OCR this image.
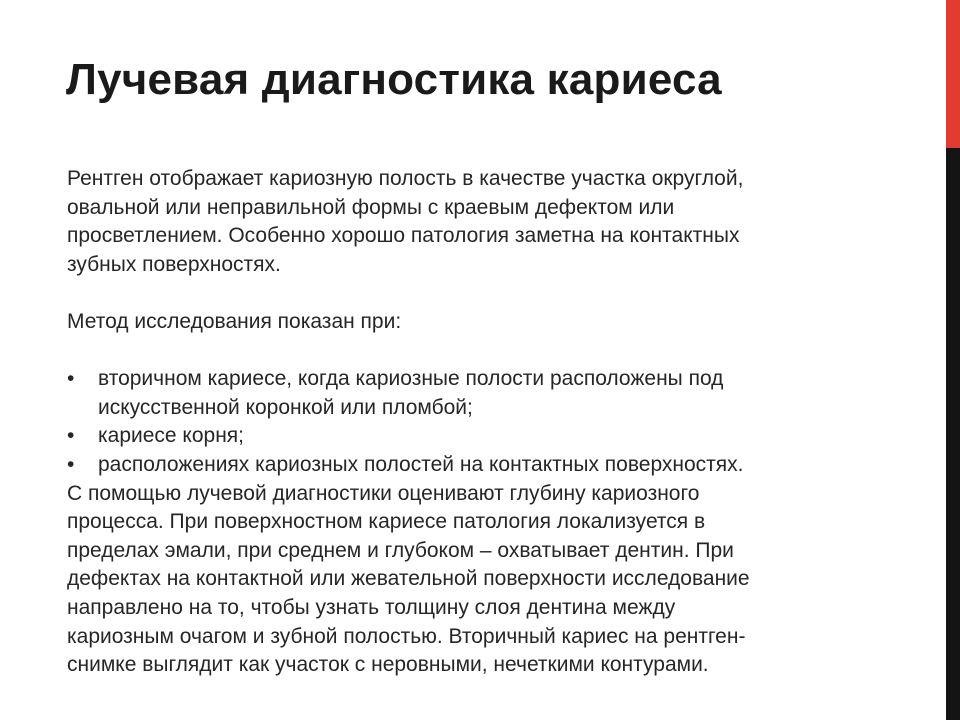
Лучевая диагностика кариеса

Рентген отображает кариозную полость в качестве участка округлой,
овальной или неправильной формы с краевым дефектом или
просветлением. Особенно хорошо патология заметна на контактных
зубных поверхностях.

Метод исследования показан при:

• вторичном кариесе, когда кариозные полости расположены под
искусственной коронкой или пломбой;
• кариесе корня;
• расположениях кариозных полостей на контактных поверхностях.

С помощью лучевой диагностики оценивают глубину кариозного
процесса. При поверхностном кариесе патология локализуется в
пределах эмали, при среднем и глубоком – охватывает дентин. При
дефектах на контактной или жевательной поверхности исследование
направлено на то, чтобы узнать толщину слоя дентина между
кариозным очагом и зубной полостью. Вторичный кариес на рентген-
снимке выглядит как участок с неровными, нечеткими контурами.
